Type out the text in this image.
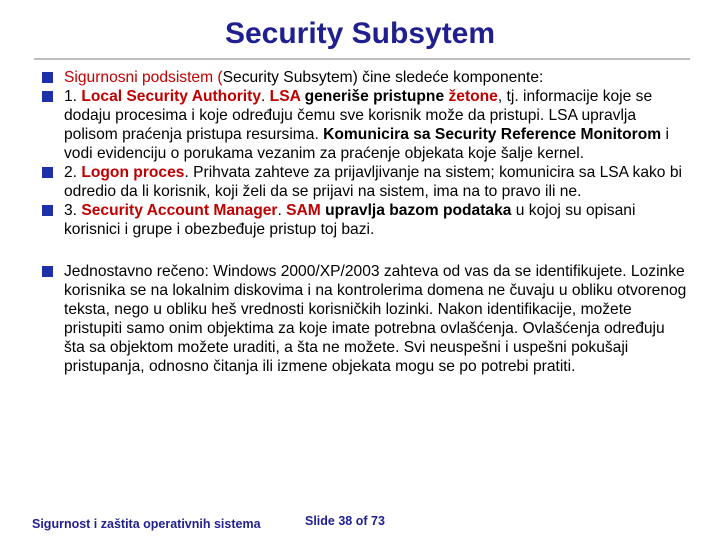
Security Subsytem
Sigurnosni podsistem (Security Subsytem) čine sledeće komponente:
1. Local Security Authority. LSA generiše pristupne žetone, tj. informacije koje se dodaju procesima i koje određuju čemu sve korisnik može da pristupi. LSA upravlja polisom praćenja pristupa resursima. Komunicira sa Security Reference Monitorom i vodi evidenciju o porukama vezanim za praćenje objekata koje šalje kernel.
2. Logon proces. Prihvata zahteve za prijavljivanje na sistem; komunicira sa LSA kako bi odredio da li korisnik, koji želi da se prijavi na sistem, ima na to pravo ili ne.
3. Security Account Manager. SAM upravlja bazom podataka u kojoj su opisani korisnici i grupe i obezbeđuje pristup toj bazi.
Jednostavno rečeno: Windows 2000/XP/2003 zahteva od vas da se identifikujete. Lozinke korisnika se na lokalnim diskovima i na kontrolerima domena ne čuvaju u obliku otvorenog teksta, nego u obliku heš vrednosti korisničkih lozinki. Nakon identifikacije, možete pristupiti samo onim objektima za koje imate potrebna ovlašćenja. Ovlašćenja određuju šta sa objektom možete uraditi, a šta ne možete. Svi neuspešni i uspešni pokušaji pristupanja, odnosno čitanja ili izmene objekata mogu se po potrebi pratiti.
Sigurnost i zaštita operativnih sistema	Slide 38 of 73
